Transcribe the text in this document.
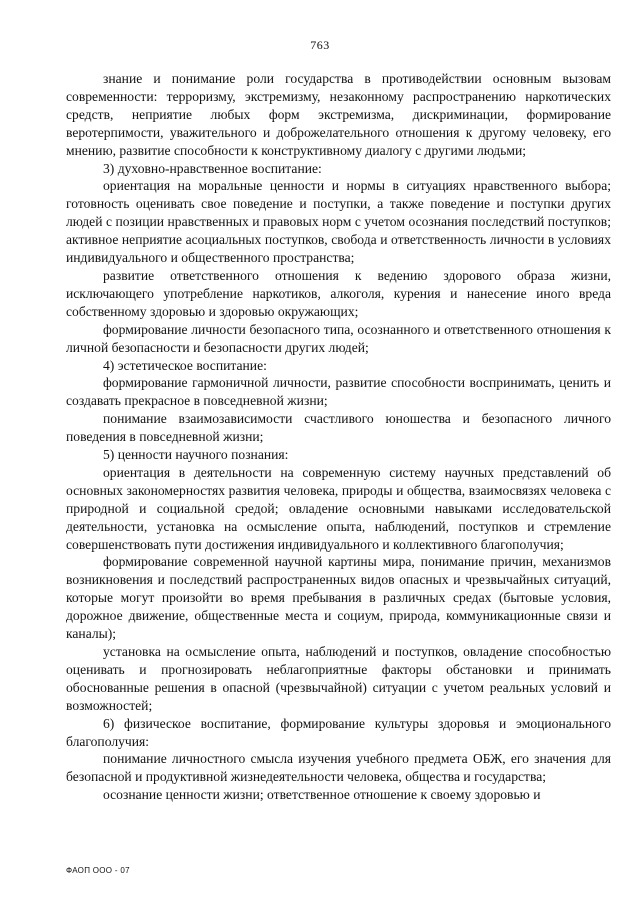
763

знание и понимание роли государства в противодействии основным вызовам современности: терроризму, экстремизму, незаконному распространению наркотических средств, неприятие любых форм экстремизма, дискриминации, формирование веротерпимости, уважительного и доброжелательного отношения к другому человеку, его мнению, развитие способности к конструктивному диалогу с другими людьми;

3) духовно-нравственное воспитание:

ориентация на моральные ценности и нормы в ситуациях нравственного выбора; готовность оценивать свое поведение и поступки, а также поведение и поступки других людей с позиции нравственных и правовых норм с учетом осознания последствий поступков; активное неприятие асоциальных поступков, свобода и ответственность личности в условиях индивидуального и общественного пространства;

развитие ответственного отношения к ведению здорового образа жизни, исключающего употребление наркотиков, алкоголя, курения и нанесение иного вреда собственному здоровью и здоровью окружающих;

формирование личности безопасного типа, осознанного и ответственного отношения к личной безопасности и безопасности других людей;

4) эстетическое воспитание:

формирование гармоничной личности, развитие способности воспринимать, ценить и создавать прекрасное в повседневной жизни;

понимание взаимозависимости счастливого юношества и безопасного личного поведения в повседневной жизни;

5) ценности научного познания:

ориентация в деятельности на современную систему научных представлений об основных закономерностях развития человека, природы и общества, взаимосвязях человека с природной и социальной средой; овладение основными навыками исследовательской деятельности, установка на осмысление опыта, наблюдений, поступков и стремление совершенствовать пути достижения индивидуального и коллективного благополучия;

формирование современной научной картины мира, понимание причин, механизмов возникновения и последствий распространенных видов опасных и чрезвычайных ситуаций, которые могут произойти во время пребывания в различных средах (бытовые условия, дорожное движение, общественные места и социум, природа, коммуникационные связи и каналы);

установка на осмысление опыта, наблюдений и поступков, овладение способностью оценивать и прогнозировать неблагоприятные факторы обстановки и принимать обоснованные решения в опасной (чрезвычайной) ситуации с учетом реальных условий и возможностей;

6) физическое воспитание, формирование культуры здоровья и эмоционального благополучия:

понимание личностного смысла изучения учебного предмета ОБЖ, его значения для безопасной и продуктивной жизнедеятельности человека, общества и государства;

осознание ценности жизни; ответственное отношение к своему здоровью и

ФАОП ООО - 07
